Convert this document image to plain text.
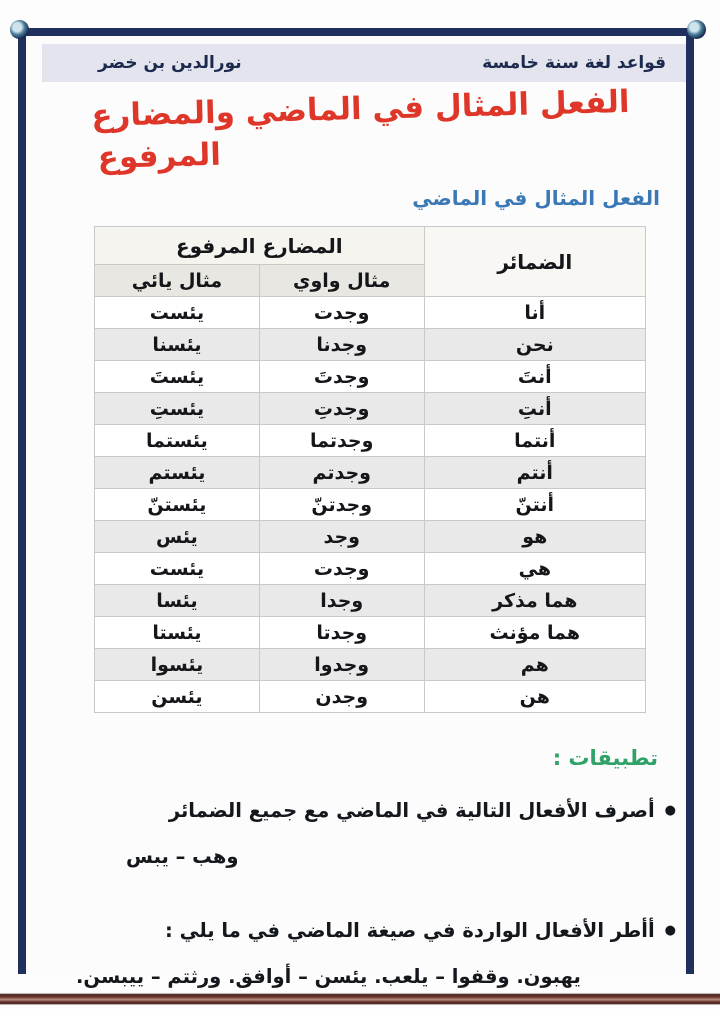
قواعد لغة سنة خامسة
نورالدين بن خضر
الفعل المثال في الماضي والمضارع
المرفوع
الفعل المثال في الماضي
الضمائر	المضارع المرفوع	
	مثال واوي	مثال يائي
أنا	وجدت	يئست
نحن	وجدنا	يئسنا
أنتَ	وجدتَ	يئستَ
أنتِ	وجدتِ	يئستِ
أنتما	وجدتما	يئستما
أنتم	وجدتم	يئستم
أنتنّ	وجدتنّ	يئستنّ
هو	وجد	يئس
هي	وجدت	يئست
هما مذكر	وجدا	يئسا
هما مؤنث	وجدتا	يئستا
هم	وجدوا	يئسوا
هن	وجدن	يئسن
تطبيقات :
●أصرف الأفعال التالية في الماضي مع جميع الضمائر
وهب – يبس
●أأطر الأفعال الواردة في صيغة الماضي في ما يلي :
يهبون. وقفوا – يلعب. يئسن – أوافق. ورثتم – ييبسن.
